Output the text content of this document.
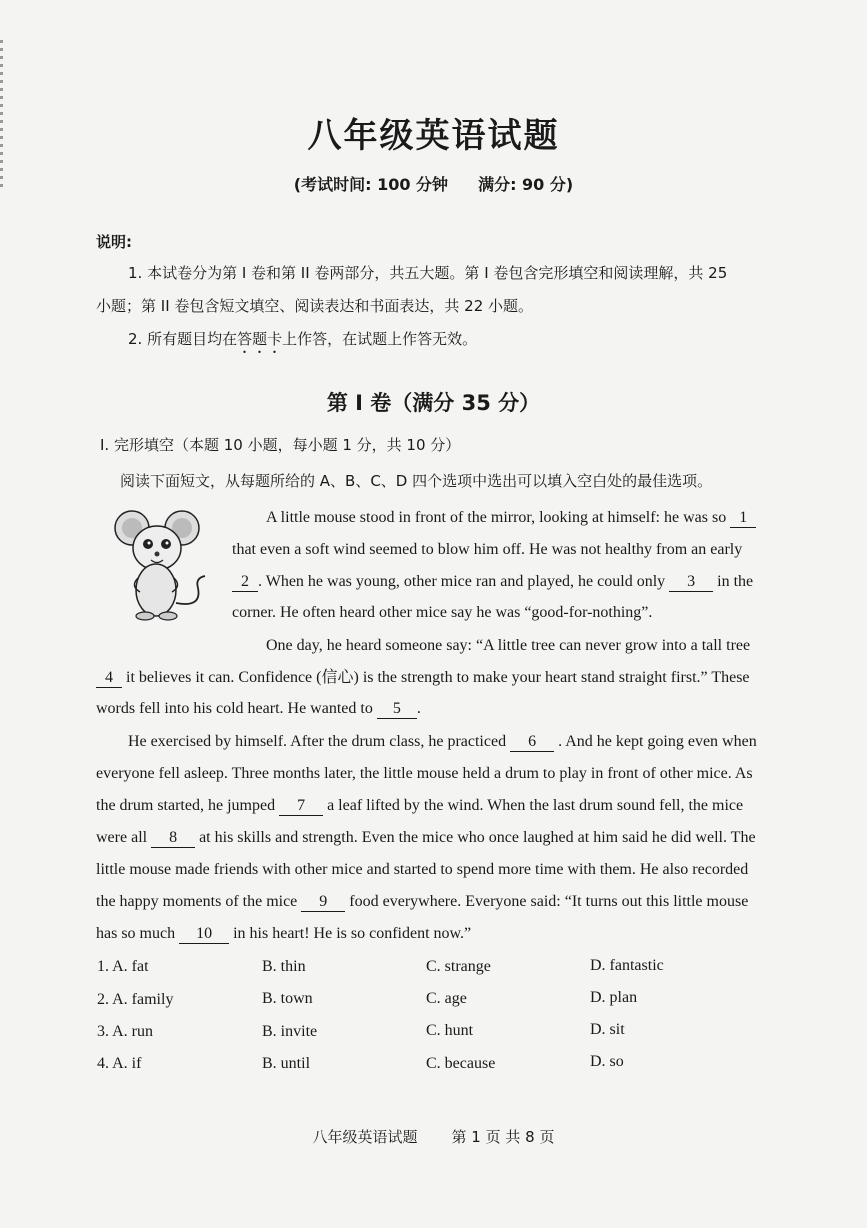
八年级英语试题
(考试时间: 100 分钟 满分: 90 分)
说明:
1. 本试卷分为第 I 卷和第 II 卷两部分，共五大题。第 I 卷包含完形填空和阅读理解，共 25
小题；第 II 卷包含短文填空、阅读表达和书面表达，共 22 小题。
2. 所有题目均在答题卡上作答，在试题上作答无效。
第 I 卷（满分 35 分）
I. 完形填空（本题 10 小题，每小题 1 分，共 10 分）
阅读下面短文，从每题所给的 A、B、C、D 四个选项中选出可以填入空白处的最佳选项。
A little mouse stood in front of the mirror, looking at himself: he was so 1
that even a soft wind seemed to blow him off. He was not healthy from an early
2 . When he was young, other mice ran and played, he could only 3 in the
corner. He often heard other mice say he was “good-for-nothing”.
One day, he heard someone say: “A little tree can never grow into a tall tree
4 it believes it can. Confidence (信心) is the strength to make your heart stand straight first.” These
words fell into his cold heart. He wanted to 5 .
He exercised by himself. After the drum class, he practiced 6 . And he kept going even when
everyone fell asleep. Three months later, the little mouse held a drum to play in front of other mice. As
the drum started, he jumped 7 a leaf lifted by the wind. When the last drum sound fell, the mice
were all 8 at his skills and strength. Even the mice who once laughed at him said he did well. The
little mouse made friends with other mice and started to spend more time with them. He also recorded
the happy moments of the mice 9 food everywhere. Everyone said: “It turns out this little mouse
has so much 10 in his heart! He is so confident now.”
1. A. fat	B. thin	C. strange	D. fantastic
2. A. family	B. town	C. age	D. plan
3. A. run	B. invite	C. hunt	D. sit
4. A. if	B. until	C. because	D. so
八年级英语试题 第 1 页 共 8 页
